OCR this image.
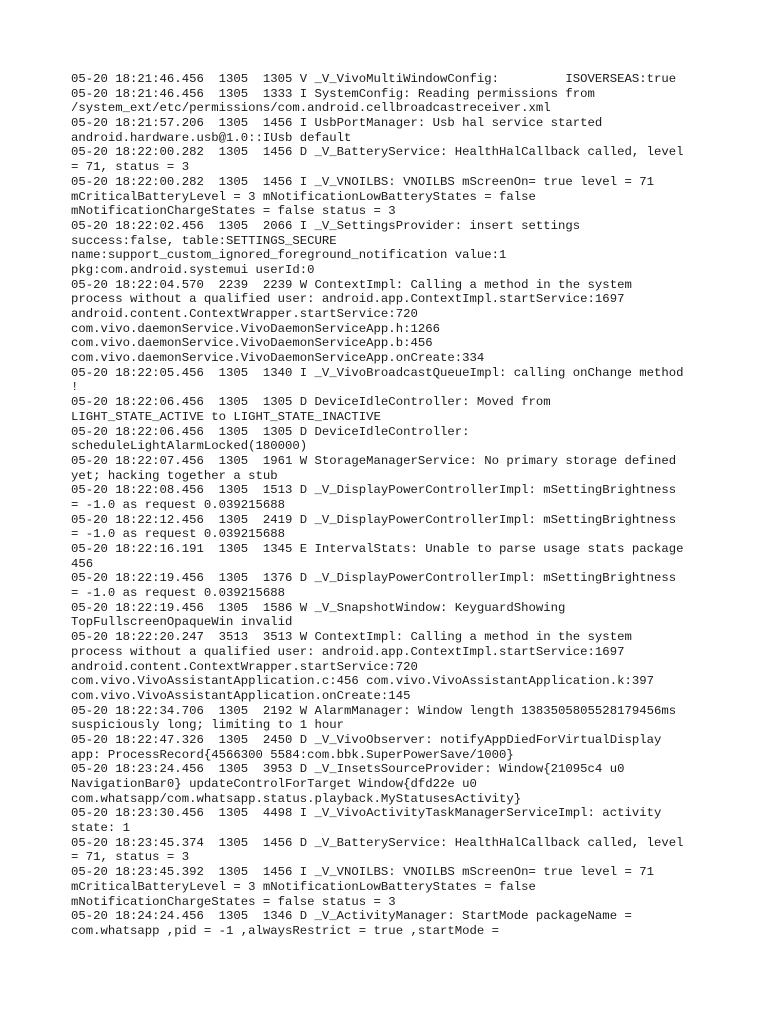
05-20 18:21:46.456  1305  1305 V _V_VivoMultiWindowConfig:         ISOVERSEAS:true
05-20 18:21:46.456  1305  1333 I SystemConfig: Reading permissions from
/system_ext/etc/permissions/com.android.cellbroadcastreceiver.xml
05-20 18:21:57.206  1305  1456 I UsbPortManager: Usb hal service started
android.hardware.usb@1.0::IUsb default
05-20 18:22:00.282  1305  1456 D _V_BatteryService: HealthHalCallback called, level
= 71, status = 3
05-20 18:22:00.282  1305  1456 I _V_VNOILBS: VNOILBS mScreenOn= true level = 71
mCriticalBatteryLevel = 3 mNotificationLowBatteryStates = false
mNotificationChargeStates = false status = 3
05-20 18:22:02.456  1305  2066 I _V_SettingsProvider: insert settings
success:false, table:SETTINGS_SECURE
name:support_custom_ignored_foreground_notification value:1
pkg:com.android.systemui userId:0
05-20 18:22:04.570  2239  2239 W ContextImpl: Calling a method in the system
process without a qualified user: android.app.ContextImpl.startService:1697
android.content.ContextWrapper.startService:720
com.vivo.daemonService.VivoDaemonServiceApp.h:1266
com.vivo.daemonService.VivoDaemonServiceApp.b:456
com.vivo.daemonService.VivoDaemonServiceApp.onCreate:334
05-20 18:22:05.456  1305  1340 I _V_VivoBroadcastQueueImpl: calling onChange method
!
05-20 18:22:06.456  1305  1305 D DeviceIdleController: Moved from
LIGHT_STATE_ACTIVE to LIGHT_STATE_INACTIVE
05-20 18:22:06.456  1305  1305 D DeviceIdleController:
scheduleLightAlarmLocked(180000)
05-20 18:22:07.456  1305  1961 W StorageManagerService: No primary storage defined
yet; hacking together a stub
05-20 18:22:08.456  1305  1513 D _V_DisplayPowerControllerImpl: mSettingBrightness
= -1.0 as request 0.039215688
05-20 18:22:12.456  1305  2419 D _V_DisplayPowerControllerImpl: mSettingBrightness
= -1.0 as request 0.039215688
05-20 18:22:16.191  1305  1345 E IntervalStats: Unable to parse usage stats package
456
05-20 18:22:19.456  1305  1376 D _V_DisplayPowerControllerImpl: mSettingBrightness
= -1.0 as request 0.039215688
05-20 18:22:19.456  1305  1586 W _V_SnapshotWindow: KeyguardShowing
TopFullscreenOpaqueWin invalid
05-20 18:22:20.247  3513  3513 W ContextImpl: Calling a method in the system
process without a qualified user: android.app.ContextImpl.startService:1697
android.content.ContextWrapper.startService:720
com.vivo.VivoAssistantApplication.c:456 com.vivo.VivoAssistantApplication.k:397
com.vivo.VivoAssistantApplication.onCreate:145
05-20 18:22:34.706  1305  2192 W AlarmManager: Window length 1383505805528179456ms
suspiciously long; limiting to 1 hour
05-20 18:22:47.326  1305  2450 D _V_VivoObserver: notifyAppDiedForVirtualDisplay
app: ProcessRecord{4566300 5584:com.bbk.SuperPowerSave/1000}
05-20 18:23:24.456  1305  3953 D _V_InsetsSourceProvider: Window{21095c4 u0
NavigationBar0} updateControlForTarget Window{dfd22e u0
com.whatsapp/com.whatsapp.status.playback.MyStatusesActivity}
05-20 18:23:30.456  1305  4498 I _V_VivoActivityTaskManagerServiceImpl: activity
state: 1
05-20 18:23:45.374  1305  1456 D _V_BatteryService: HealthHalCallback called, level
= 71, status = 3
05-20 18:23:45.392  1305  1456 I _V_VNOILBS: VNOILBS mScreenOn= true level = 71
mCriticalBatteryLevel = 3 mNotificationLowBatteryStates = false
mNotificationChargeStates = false status = 3
05-20 18:24:24.456  1305  1346 D _V_ActivityManager: StartMode packageName =
com.whatsapp ,pid = -1 ,alwaysRestrict = true ,startMode =
